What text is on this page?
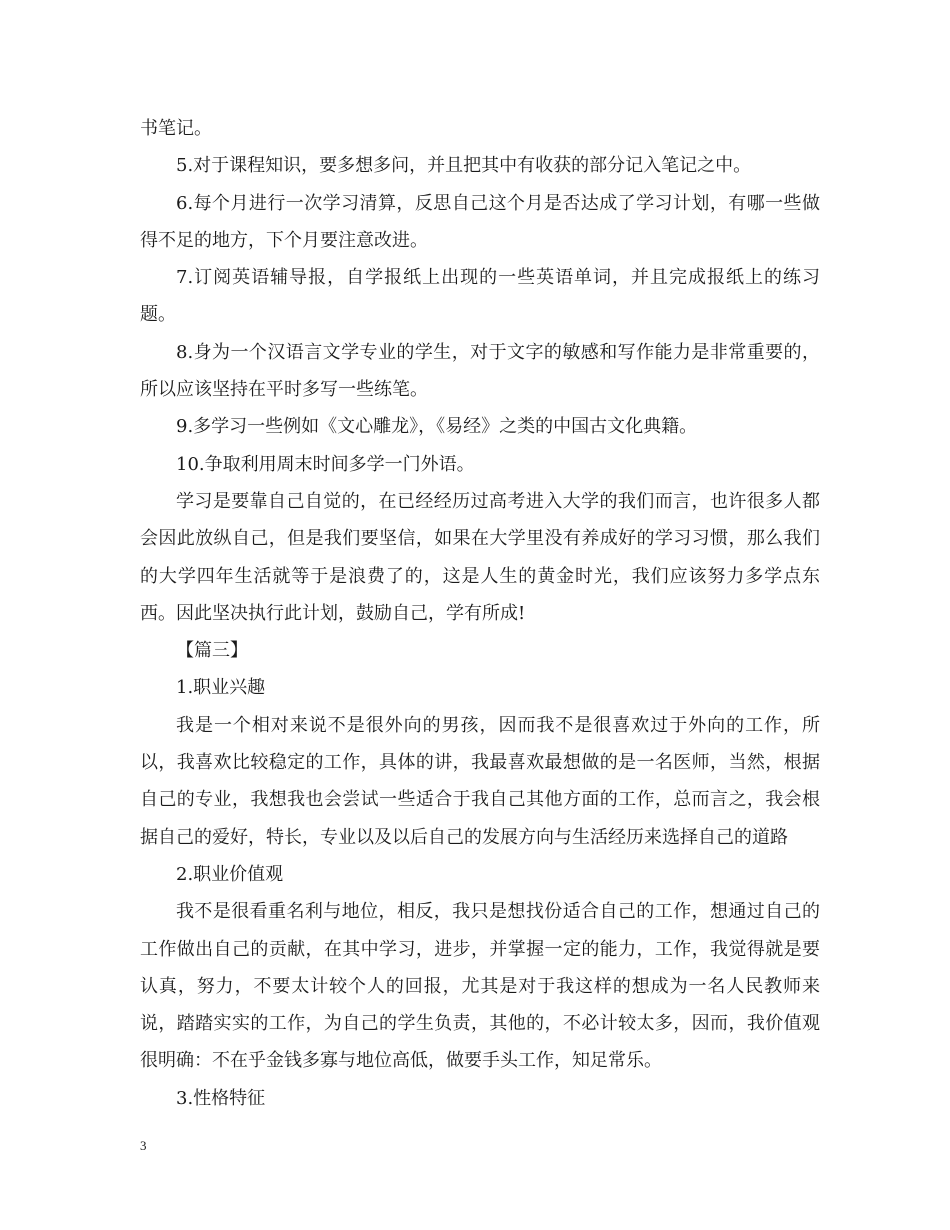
书笔记。

5.对于课程知识，要多想多问，并且把其中有收获的部分记入笔记之中。

6.每个月进行一次学习清算，反思自己这个月是否达成了学习计划，有哪一些做得不足的地方，下个月要注意改进。

7.订阅英语辅导报，自学报纸上出现的一些英语单词，并且完成报纸上的练习题。

8.身为一个汉语言文学专业的学生，对于文字的敏感和写作能力是非常重要的，所以应该坚持在平时多写一些练笔。

9.多学习一些例如《文心雕龙》，《易经》之类的中国古文化典籍。

10.争取利用周末时间多学一门外语。

学习是要靠自己自觉的，在已经经历过高考进入大学的我们而言，也许很多人都会因此放纵自己，但是我们要坚信，如果在大学里没有养成好的学习习惯，那么我们的大学四年生活就等于是浪费了的，这是人生的黄金时光，我们应该努力多学点东西。因此坚决执行此计划，鼓励自己，学有所成!

【篇三】

1.职业兴趣

我是一个相对来说不是很外向的男孩，因而我不是很喜欢过于外向的工作，所以，我喜欢比较稳定的工作，具体的讲，我最喜欢最想做的是一名医师，当然，根据自己的专业，我想我也会尝试一些适合于我自己其他方面的工作，总而言之，我会根据自己的爱好，特长，专业以及以后自己的发展方向与生活经历来选择自己的道路

2.职业价值观

我不是很看重名利与地位，相反，我只是想找份适合自己的工作，想通过自己的工作做出自己的贡献，在其中学习，进步，并掌握一定的能力，工作，我觉得就是要认真，努力，不要太计较个人的回报，尤其是对于我这样的想成为一名人民教师来说，踏踏实实的工作，为自己的学生负责，其他的，不必计较太多，因而，我价值观很明确：不在乎金钱多寡与地位高低，做要手头工作，知足常乐。

3.性格特征

3
